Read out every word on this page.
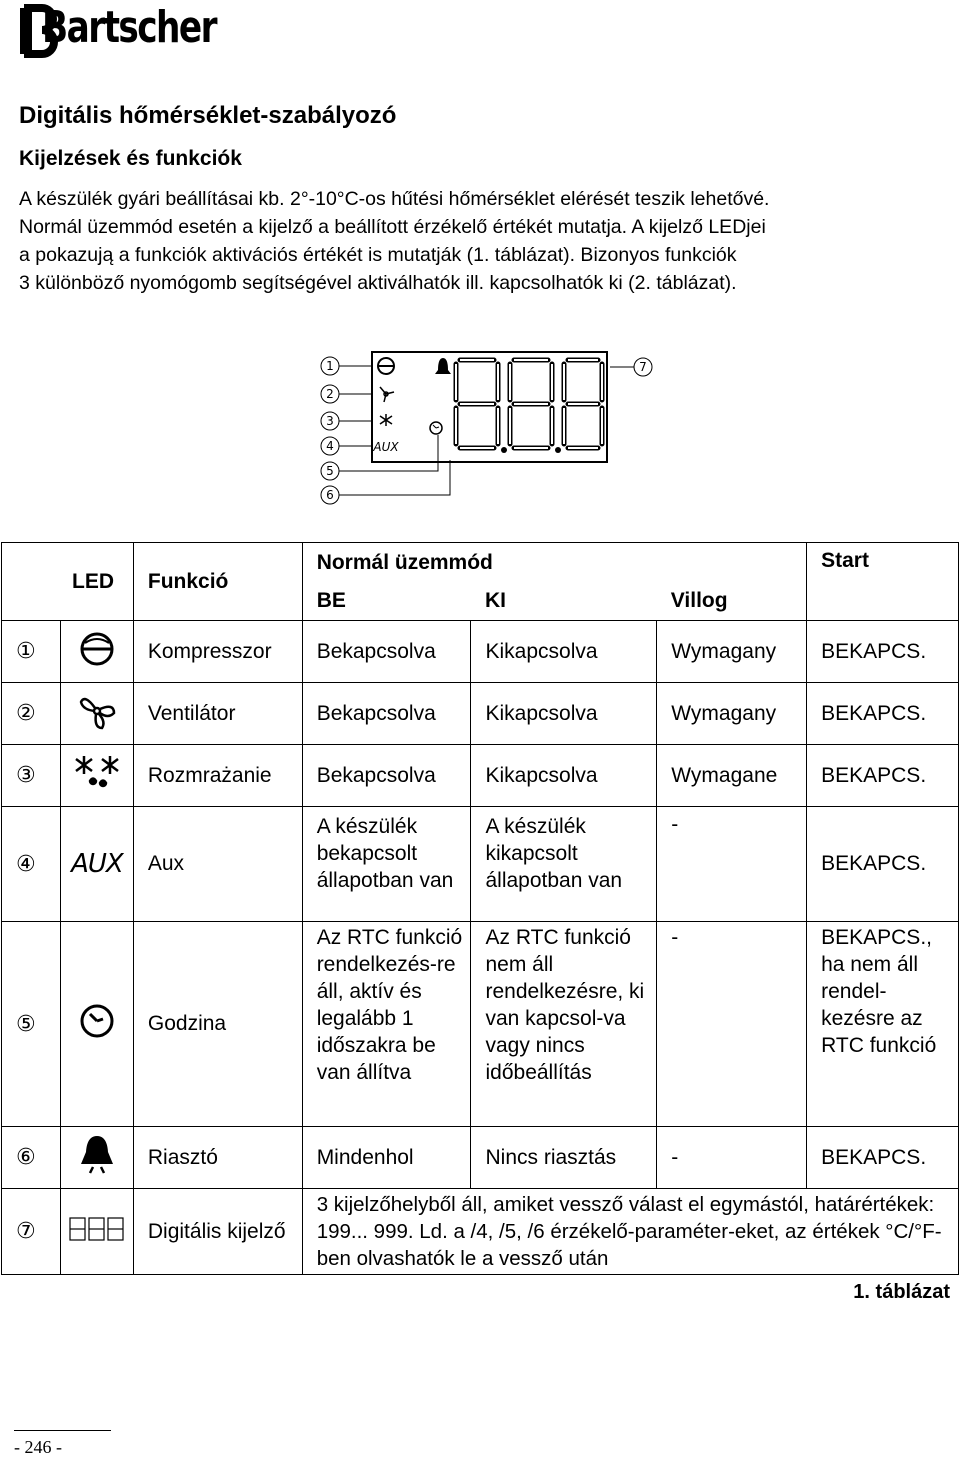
Bartscher
Digitális hőmérséklet-szabályozó
Kijelzések és funkciók
A készülék gyári beállításai kb. 2°-10°C-os hűtési hőmérséklet elérését teszik lehetővé.
Normál üzemmód esetén a kijelző a beállított érzékelő értékét mutatja. A kijelző LEDjei
a pokazują a funkciók aktivációs értékét is mutatják (1. táblázat). Bizonyos funkciók
3 különböző nyomógomb segítségével aktiválhatók ill. kapcsolhatók ki (2. táblázat).
1
2
3
4
5
6
7
AUX
LED		Funkció	Normál üzemmód			Start
			BE	KI	Villog	
①		Kompresszor	Bekapcsolva	Kikapcsolva	Wymagany	BEKAPCS.
②		Ventilátor	Bekapcsolva	Kikapcsolva	Wymagany	BEKAPCS.
③		Rozmrażanie	Bekapcsolva	Kikapcsolva	Wymagane	BEKAPCS.
④	AUX	Aux	A készülék bekapcsolt állapotban van	A készülék kikapcsolt állapotban van	-	BEKAPCS.
⑤		Godzina	Az RTC funkció rendelkezés-re áll, aktív és legalább 1 időszakra be van állítva	Az RTC funkció nem áll rendelkezésre, ki van kapcsol-va vagy nincs időbeállítás	-	BEKAPCS., ha nem áll rendel-kezésre az RTC funkció
⑥		Riasztó	Mindenhol	Nincs riasztás	-	BEKAPCS.
⑦		Digitális kijelző	3 kijelzőhelyből áll, amiket vessző válast el egymástól, határértékek: 199... 999. Ld. a /4, /5, /6 érzékelő-paraméter-eket, az értékek °C/°F-ben olvashatók le a vessző után			
1. táblázat
- 246 -
